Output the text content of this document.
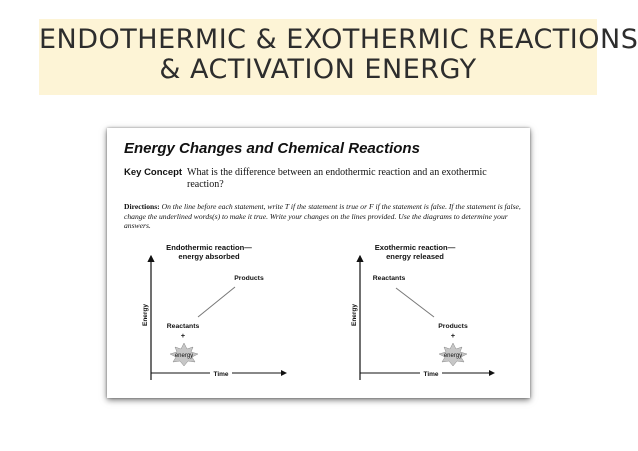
ENDOTHERMIC & EXOTHERMIC REACTIONS
& ACTIVATION ENERGY
Energy Changes and Chemical Reactions
Key Concept What is the difference between an endothermic reaction and an exothermic reaction?
Directions: On the line before each statement, write T if the statement is true or F if the statement is false. If the statement is false, change the underlined words(s) to make it true. Write your changes on the lines provided. Use the diagrams to determine your answers.
Endothermic reaction—
energy absorbed
Energy
Time
Products
Reactants
+
energy
Exothermic reaction—
energy released
Energy
Time
Reactants
Products
+
energy
